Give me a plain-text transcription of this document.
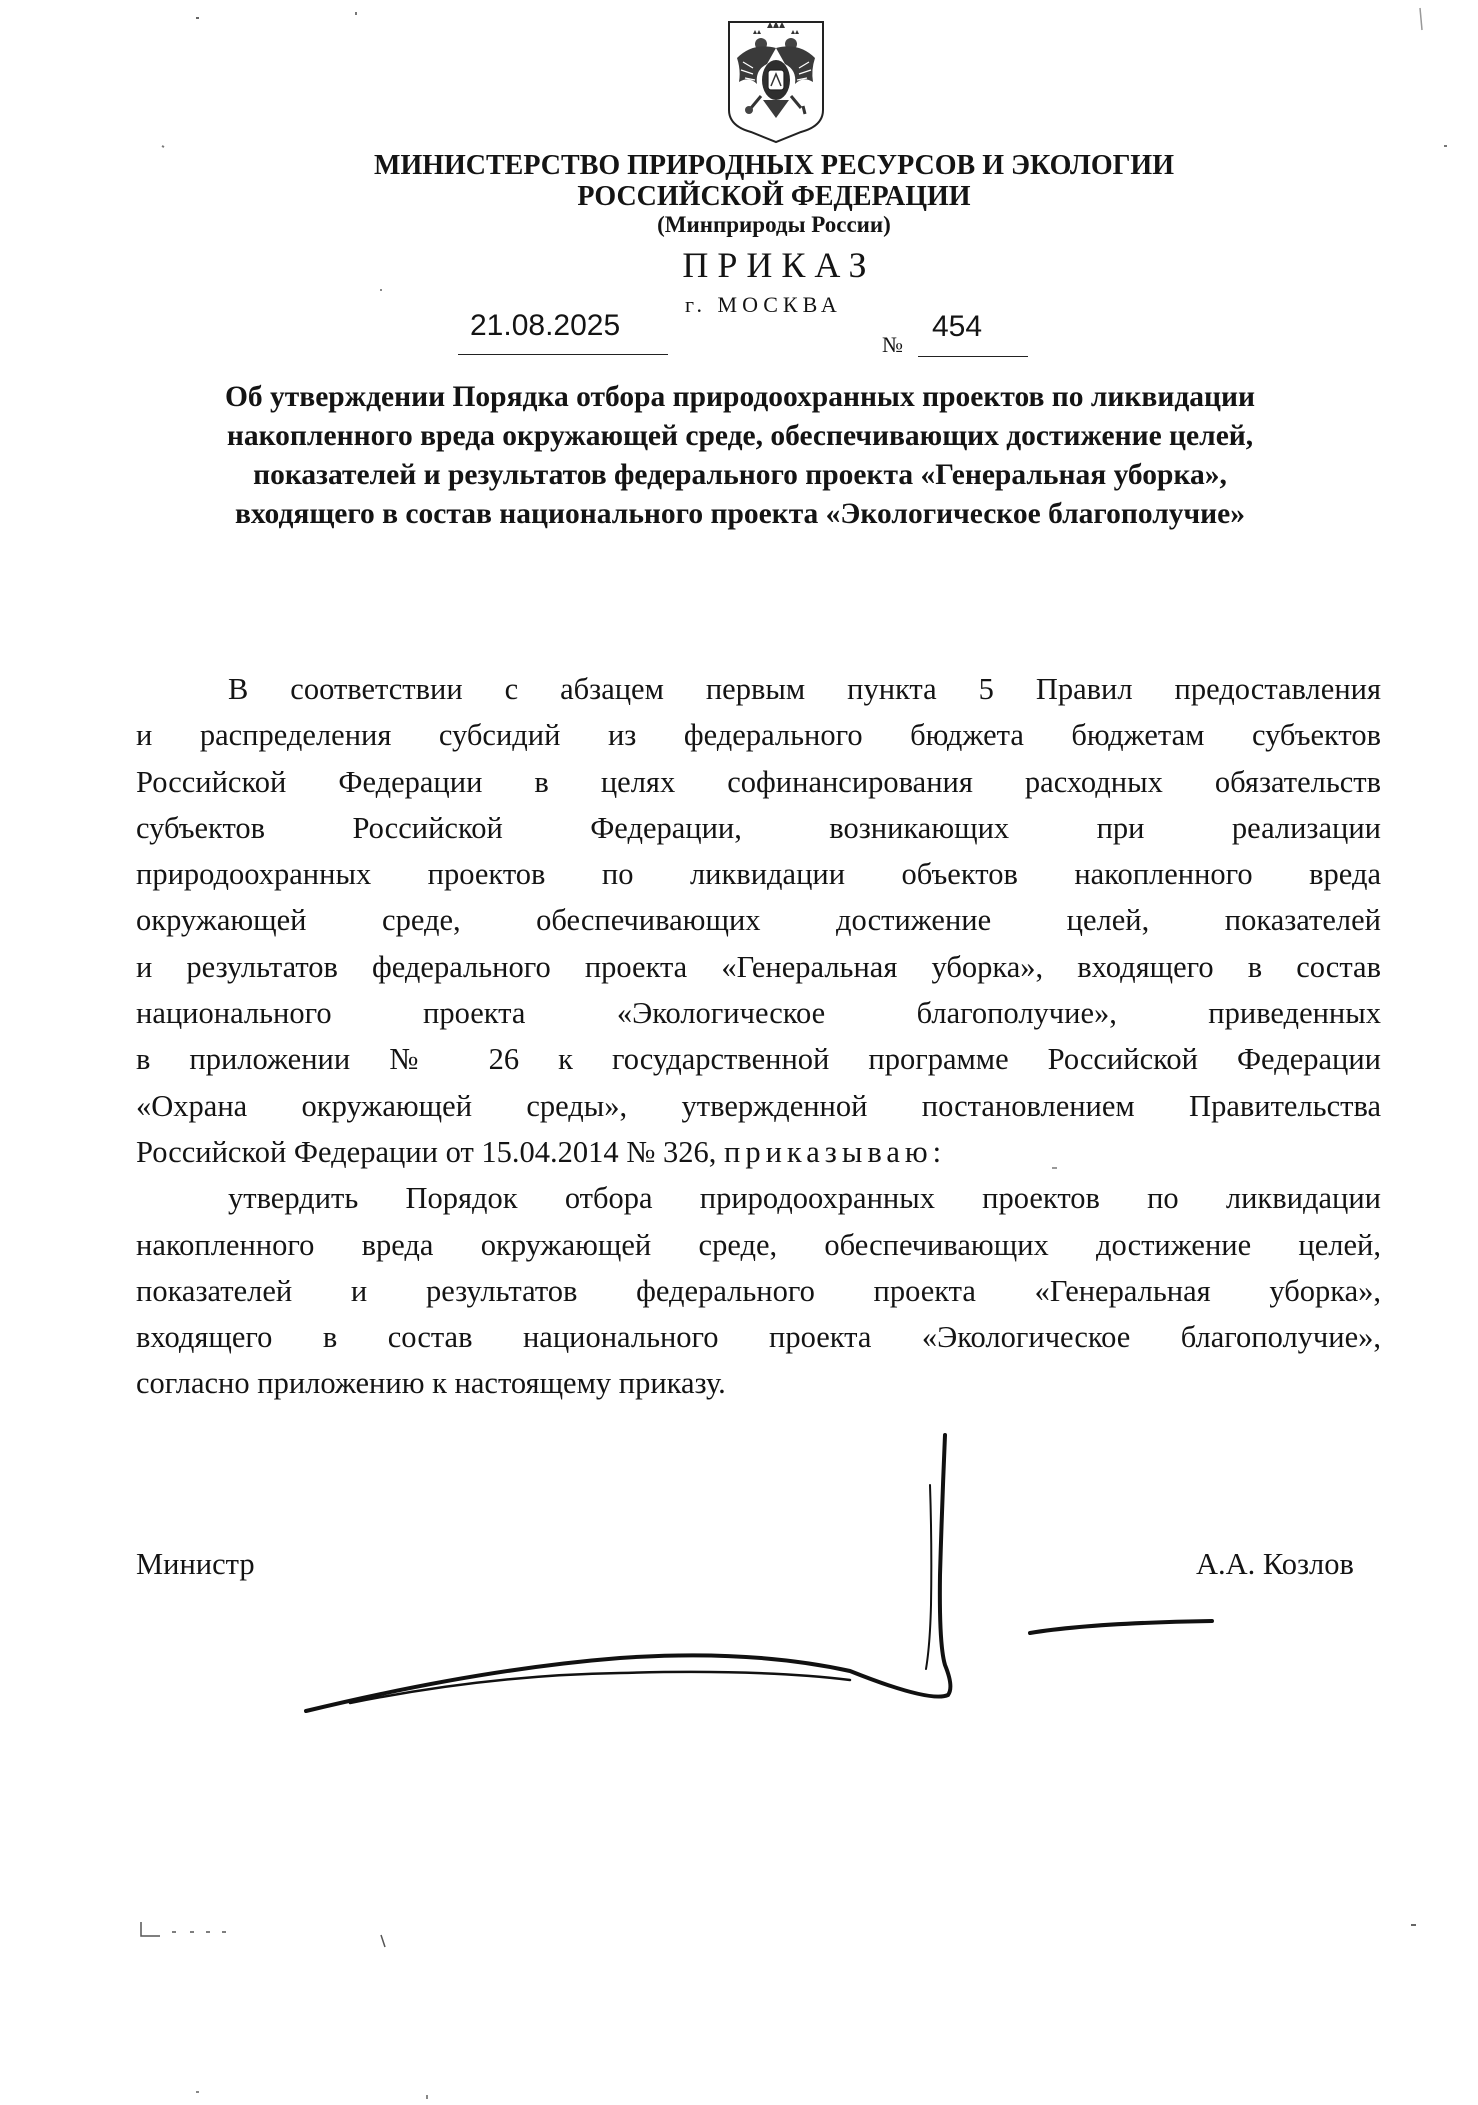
МИНИСТЕРСТВО ПРИРОДНЫХ РЕСУРСОВ И ЭКОЛОГИИ
РОССИЙСКОЙ ФЕДЕРАЦИИ
(Минприроды России)
ПРИКАЗ
г. МОСКВА
21.08.2025
№
454
Об утверждении Порядка отбора природоохранных проектов по ликвидации
накопленного вреда окружающей среде, обеспечивающих достижение целей,
показателей и результатов федерального проекта «Генеральная уборка»,
входящего в состав национального проекта «Экологическое благополучие»
В соответствии с абзацем первым пункта 5 Правил предоставления
и распределения субсидий из федерального бюджета бюджетам субъектов
Российской Федерации в целях софинансирования расходных обязательств
субъектов Российской Федерации, возникающих при реализации
природоохранных проектов по ликвидации объектов накопленного вреда
окружающей среде, обеспечивающих достижение целей, показателей
и результатов федерального проекта «Генеральная уборка», входящего в состав
национального проекта «Экологическое благополучие», приведенных
в приложении № 26 к государственной программе Российской Федерации
«Охрана окружающей среды», утвержденной постановлением Правительства
Российской Федерации от 15.04.2014 № 326, приказываю:
утвердить Порядок отбора природоохранных проектов по ликвидации
накопленного вреда окружающей среде, обеспечивающих достижение целей,
показателей и результатов федерального проекта «Генеральная уборка»,
входящего в состав национального проекта «Экологическое благополучие»,
согласно приложению к настоящему приказу.
Министр	А.А. Козлов
